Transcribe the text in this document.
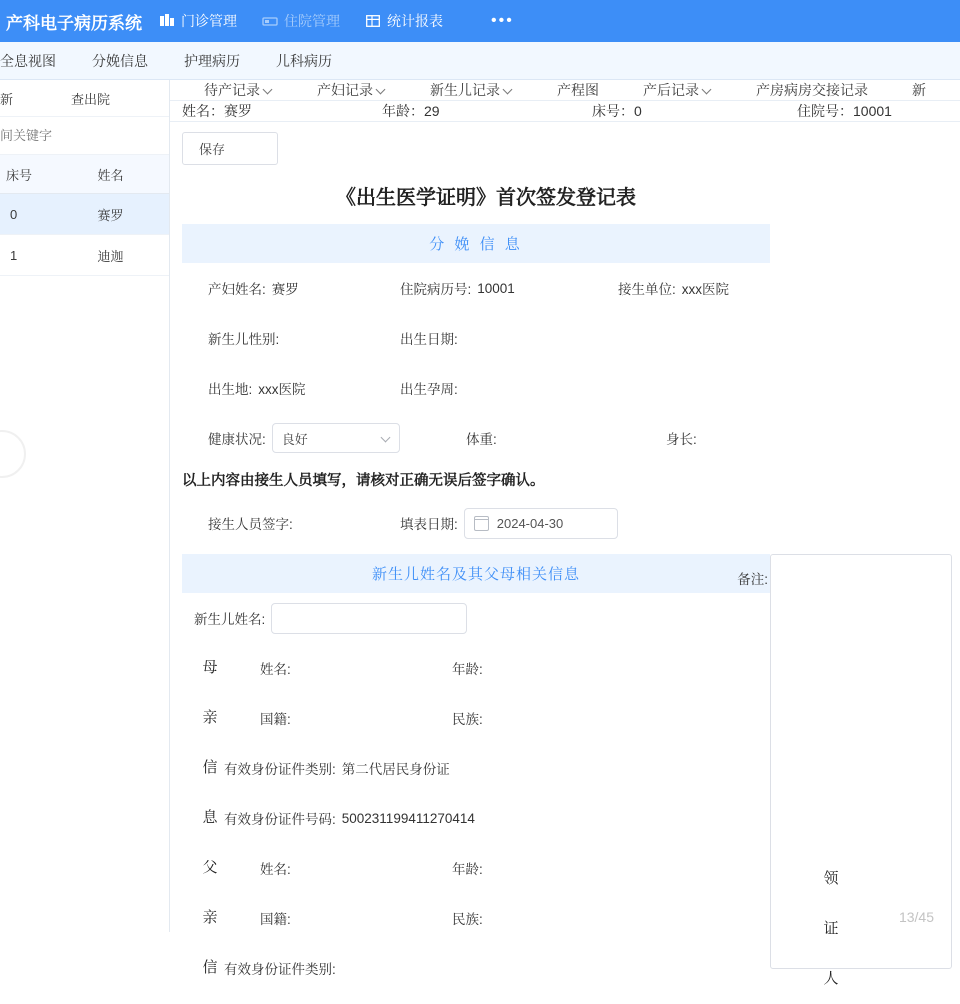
产科电子病历系统	门诊管理	住院管理	统计报表	•••
全息视图	分娩信息	护理病历	儿科病历
新	查出院
间关键字
床号	姓名
0	赛罗
1	迪迦
待产记录	产妇记录	新生儿记录	产程图	产后记录	产房病房交接记录	新
姓名：赛罗	年龄：29	床号：0	住院号：10001
保存
《出生医学证明》首次签发登记表
分 娩 信 息
产妇姓名: 赛罗	住院病历号: 10001	接生单位: xxx医院
新生儿性别:	出生日期:
出生地: xxx医院	出生孕周:
健康状况: 良好	体重:	身长:
以上内容由接生人员填写，请核对正确无误后签字确认。
接生人员签字:	填表日期:	2024-04-30
新生儿姓名及其父母相关信息	备注:
新生儿姓名:
母
亲
信
息
姓名:	年龄:
国籍:	民族:
有效身份证件类别: 第二代居民身份证
有效身份证件号码: 500231199411270414
父
亲
信
姓名:	年龄:
国籍:	民族:
有效身份证件类别:
领
证
人
13/45
